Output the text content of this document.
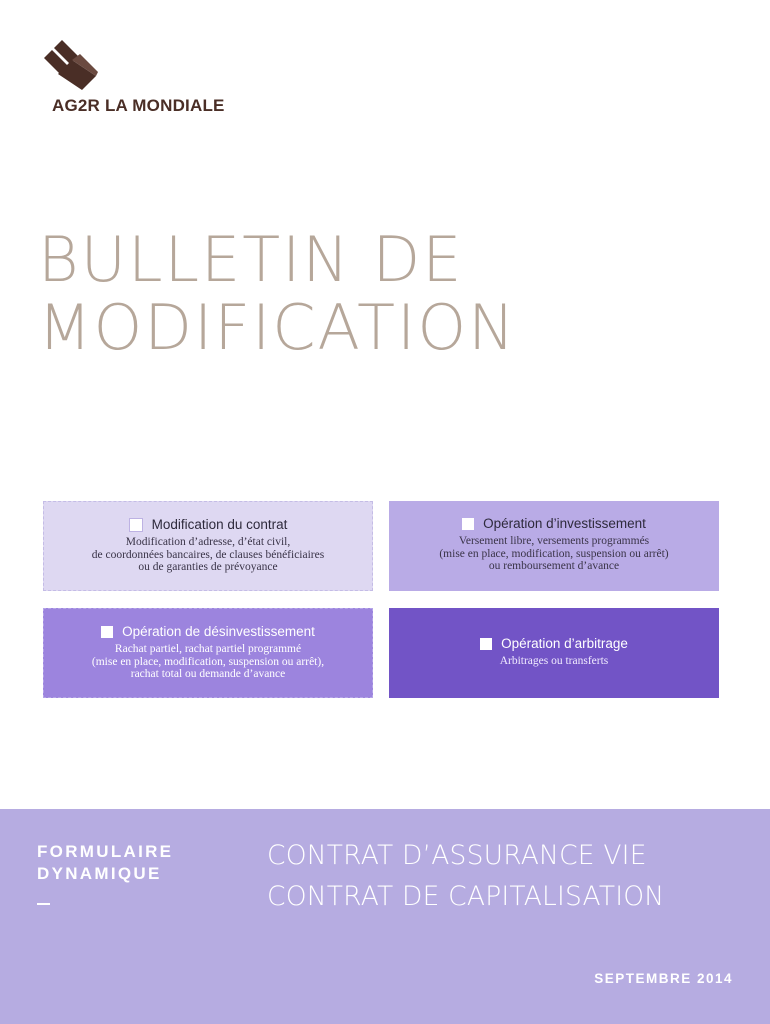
AG2R LA MONDIALE
BULLETIN DE
MODIFICATION
Modification du contrat
Modification d’adresse, d’état civil,
de coordonnées bancaires, de clauses bénéficiaires
ou de garanties de prévoyance
Opération d’investissement
Versement libre, versements programmés
(mise en place, modification, suspension ou arrêt)
ou remboursement d’avance
Opération de désinvestissement
Rachat partiel, rachat partiel programmé
(mise en place, modification, suspension ou arrêt),
rachat total ou demande d’avance
Opération d’arbitrage
Arbitrages ou transferts
FORMULAIRE
DYNAMIQUE
CONTRAT D’ASSURANCE VIE
CONTRAT DE CAPITALISATION
SEPTEMBRE 2014
